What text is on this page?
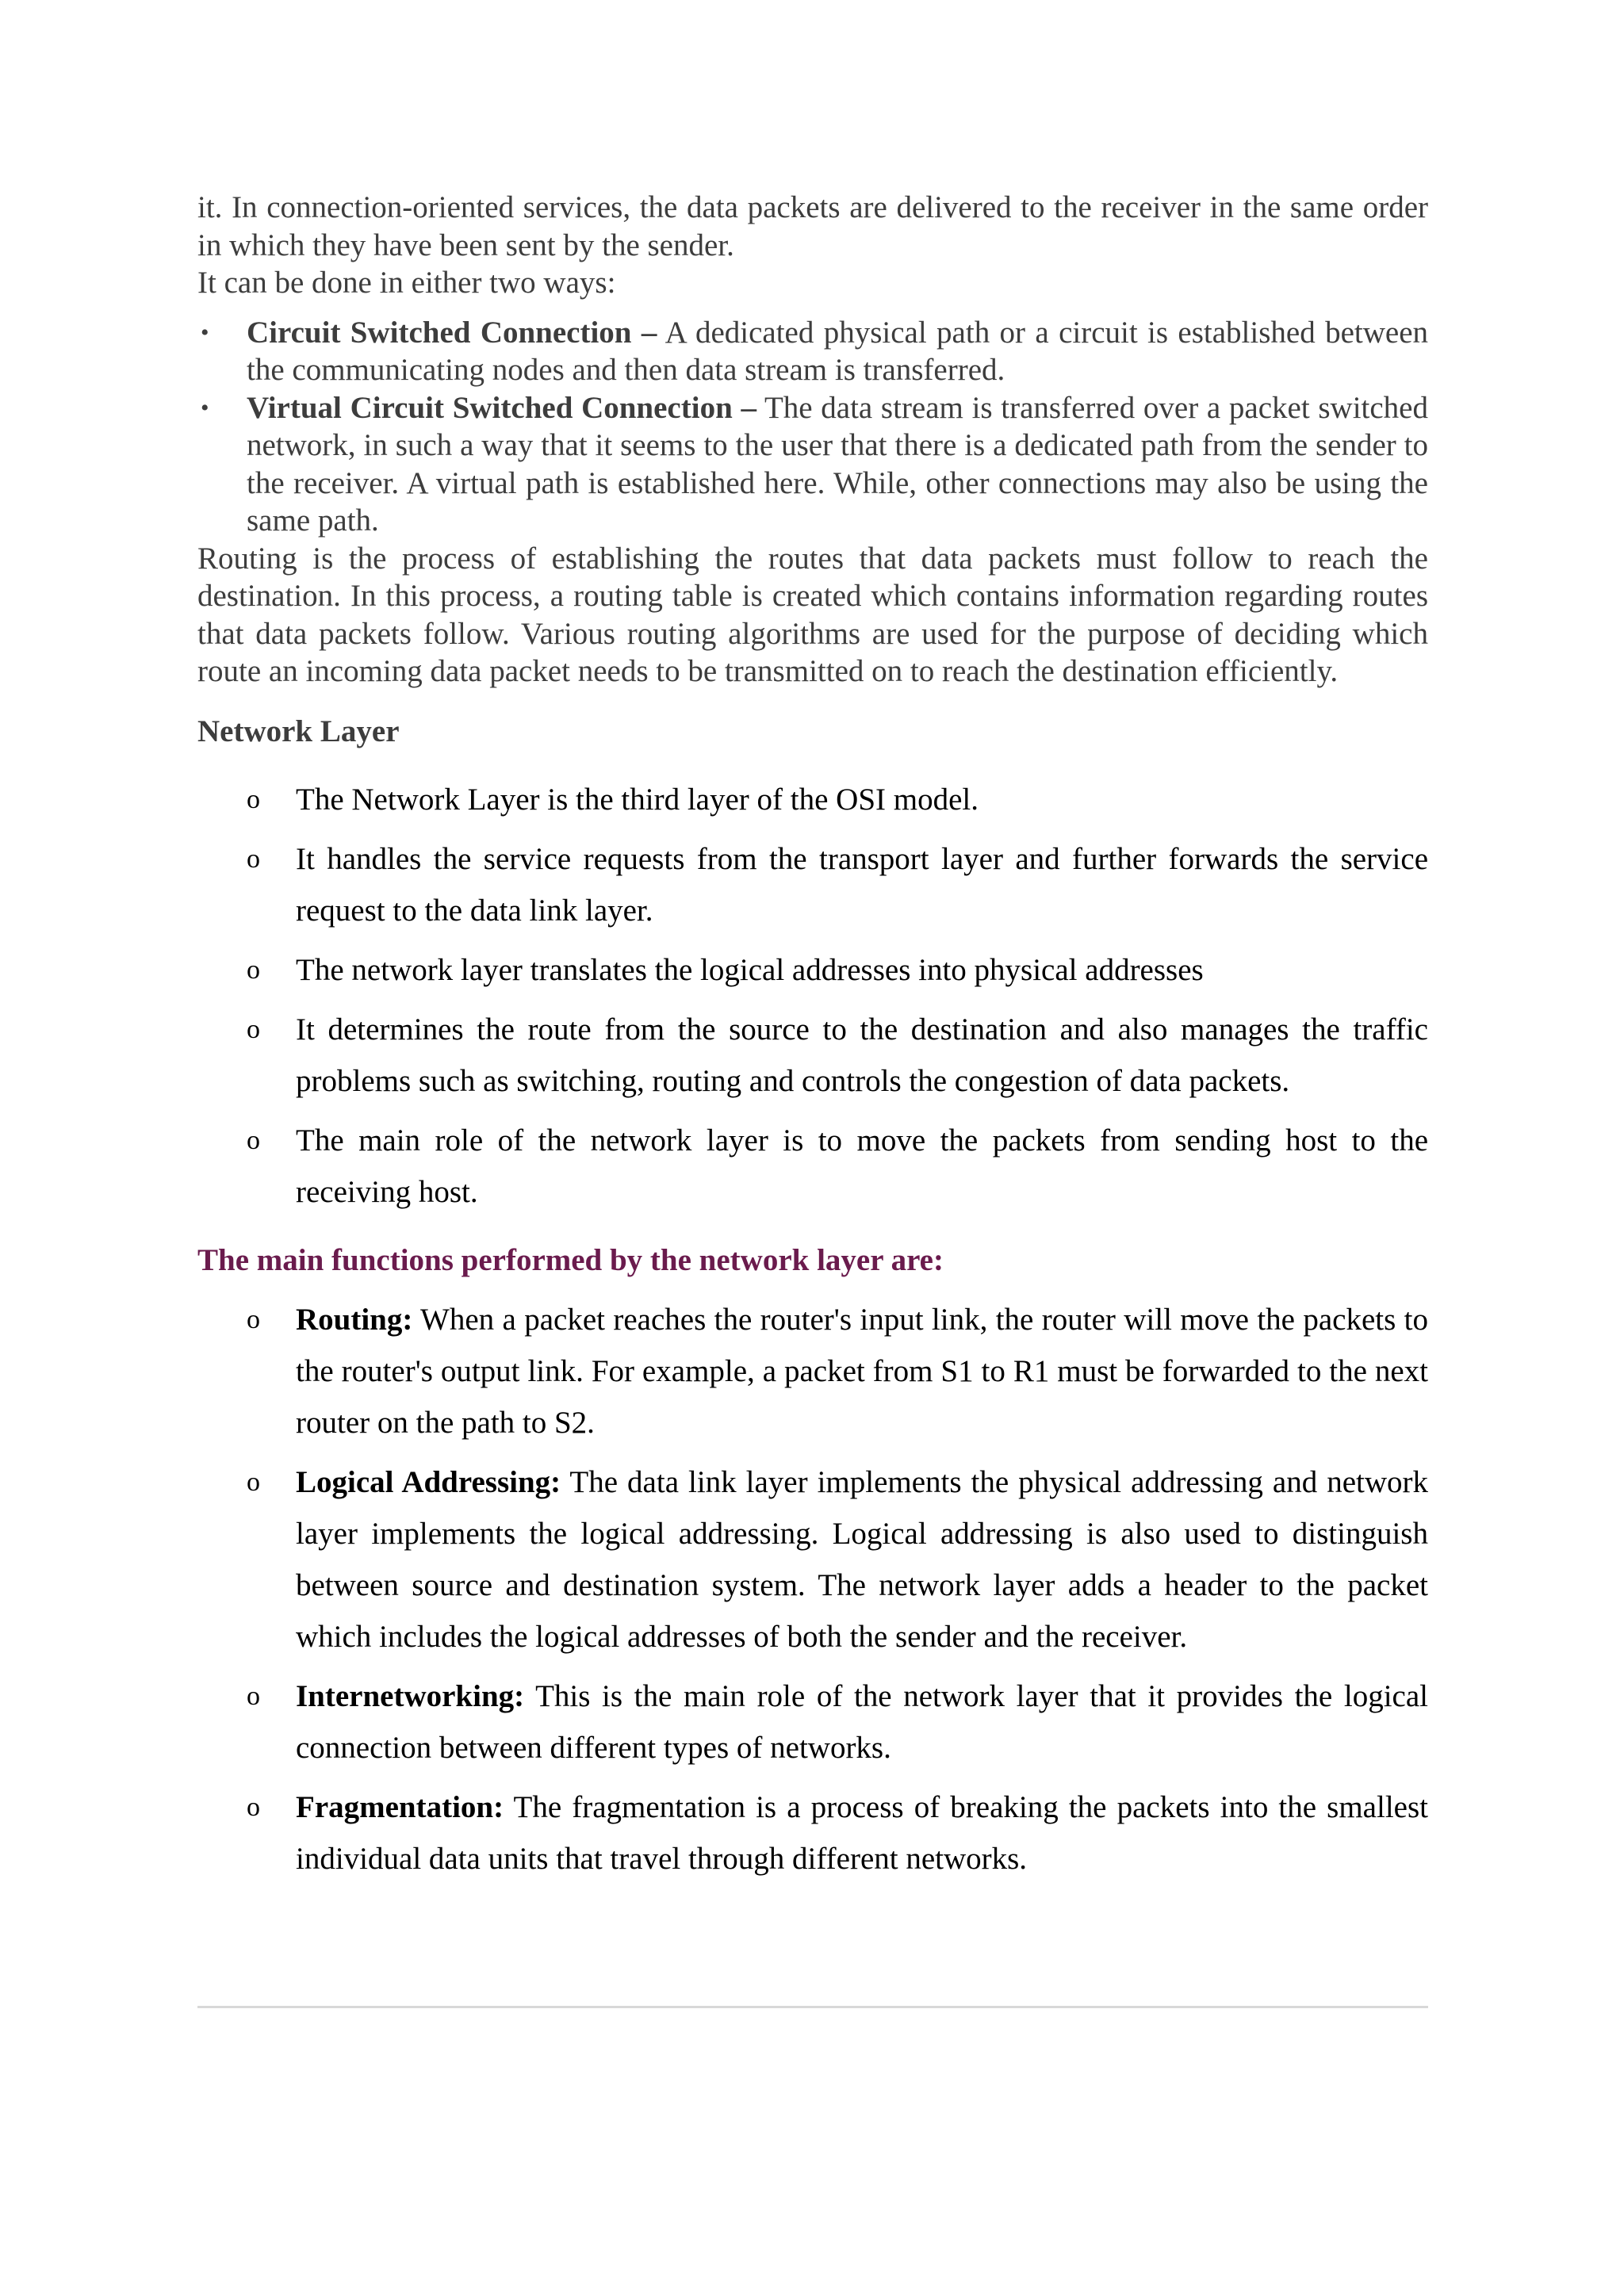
it. In connection-oriented services, the data packets are delivered to the receiver in the same order in which they have been sent by the sender.

It can be done in either two ways:

• Circuit Switched Connection – A dedicated physical path or a circuit is established between the communicating nodes and then data stream is transferred.
• Virtual Circuit Switched Connection – The data stream is transferred over a packet switched network, in such a way that it seems to the user that there is a dedicated path from the sender to the receiver. A virtual path is established here. While, other connections may also be using the same path.

Routing is the process of establishing the routes that data packets must follow to reach the destination. In this process, a routing table is created which contains information regarding routes that data packets follow. Various routing algorithms are used for the purpose of deciding which route an incoming data packet needs to be transmitted on to reach the destination efficiently.

Network Layer
o The Network Layer is the third layer of the OSI model.
o It handles the service requests from the transport layer and further forwards the service request to the data link layer.
o The network layer translates the logical addresses into physical addresses
o It determines the route from the source to the destination and also manages the traffic problems such as switching, routing and controls the congestion of data packets.
o The main role of the network layer is to move the packets from sending host to the receiving host.
The main functions performed by the network layer are:
o Routing: When a packet reaches the router's input link, the router will move the packets to the router's output link. For example, a packet from S1 to R1 must be forwarded to the next router on the path to S2.
o Logical Addressing: The data link layer implements the physical addressing and network layer implements the logical addressing. Logical addressing is also used to distinguish between source and destination system. The network layer adds a header to the packet which includes the logical addresses of both the sender and the receiver.
o Internetworking: This is the main role of the network layer that it provides the logical connection between different types of networks.
o Fragmentation: The fragmentation is a process of breaking the packets into the smallest individual data units that travel through different networks.
